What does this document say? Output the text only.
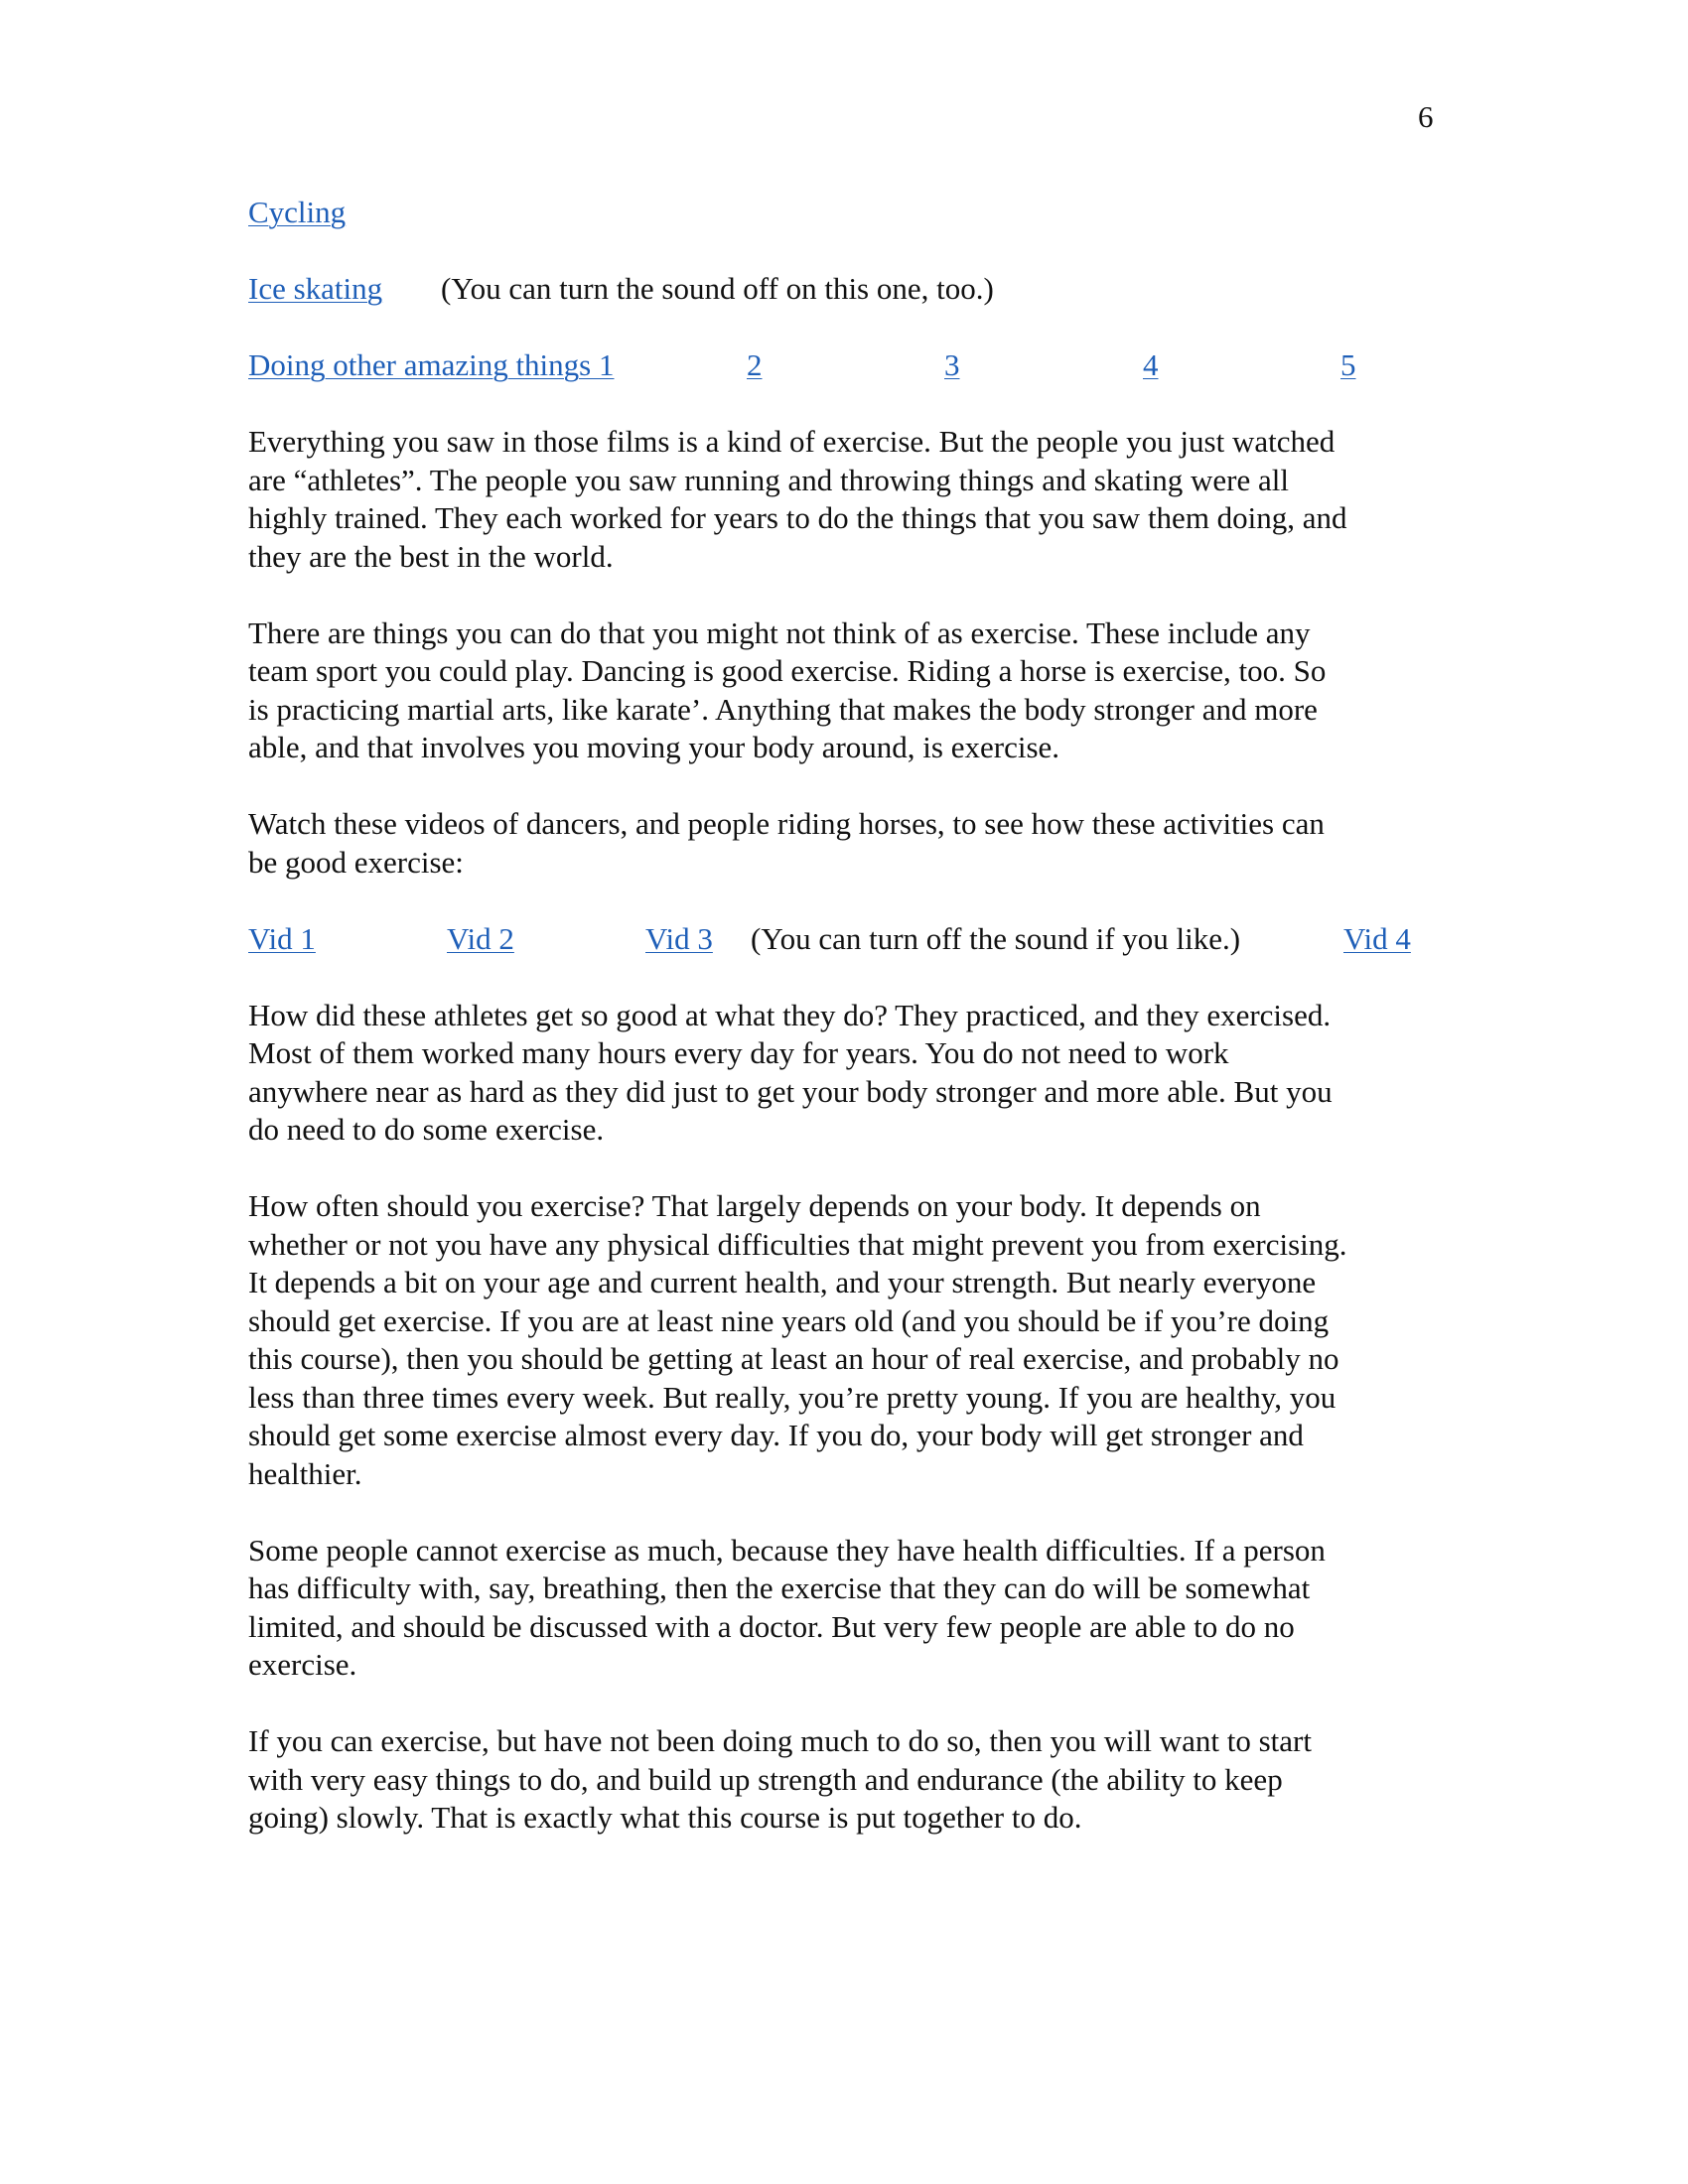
6
Cycling
Ice skating (You can turn the sound off on this one, too.)
Doing other amazing things 1	2	3	4	5
Everything you saw in those films is a kind of exercise. But the people you just watched
are “athletes”. The people you saw running and throwing things and skating were all
highly trained. They each worked for years to do the things that you saw them doing, and
they are the best in the world.
There are things you can do that you might not think of as exercise. These include any
team sport you could play. Dancing is good exercise. Riding a horse is exercise, too. So
is practicing martial arts, like karate’. Anything that makes the body stronger and more
able, and that involves you moving your body around, is exercise.
Watch these videos of dancers, and people riding horses, to see how these activities can
be good exercise:
Vid 1	Vid 2	Vid 3 (You can turn off the sound if you like.)	Vid 4
How did these athletes get so good at what they do? They practiced, and they exercised.
Most of them worked many hours every day for years. You do not need to work
anywhere near as hard as they did just to get your body stronger and more able. But you
do need to do some exercise.
How often should you exercise? That largely depends on your body. It depends on
whether or not you have any physical difficulties that might prevent you from exercising.
It depends a bit on your age and current health, and your strength. But nearly everyone
should get exercise. If you are at least nine years old (and you should be if you’re doing
this course), then you should be getting at least an hour of real exercise, and probably no
less than three times every week. But really, you’re pretty young. If you are healthy, you
should get some exercise almost every day. If you do, your body will get stronger and
healthier.
Some people cannot exercise as much, because they have health difficulties. If a person
has difficulty with, say, breathing, then the exercise that they can do will be somewhat
limited, and should be discussed with a doctor. But very few people are able to do no
exercise.
If you can exercise, but have not been doing much to do so, then you will want to start
with very easy things to do, and build up strength and endurance (the ability to keep
going) slowly. That is exactly what this course is put together to do.
